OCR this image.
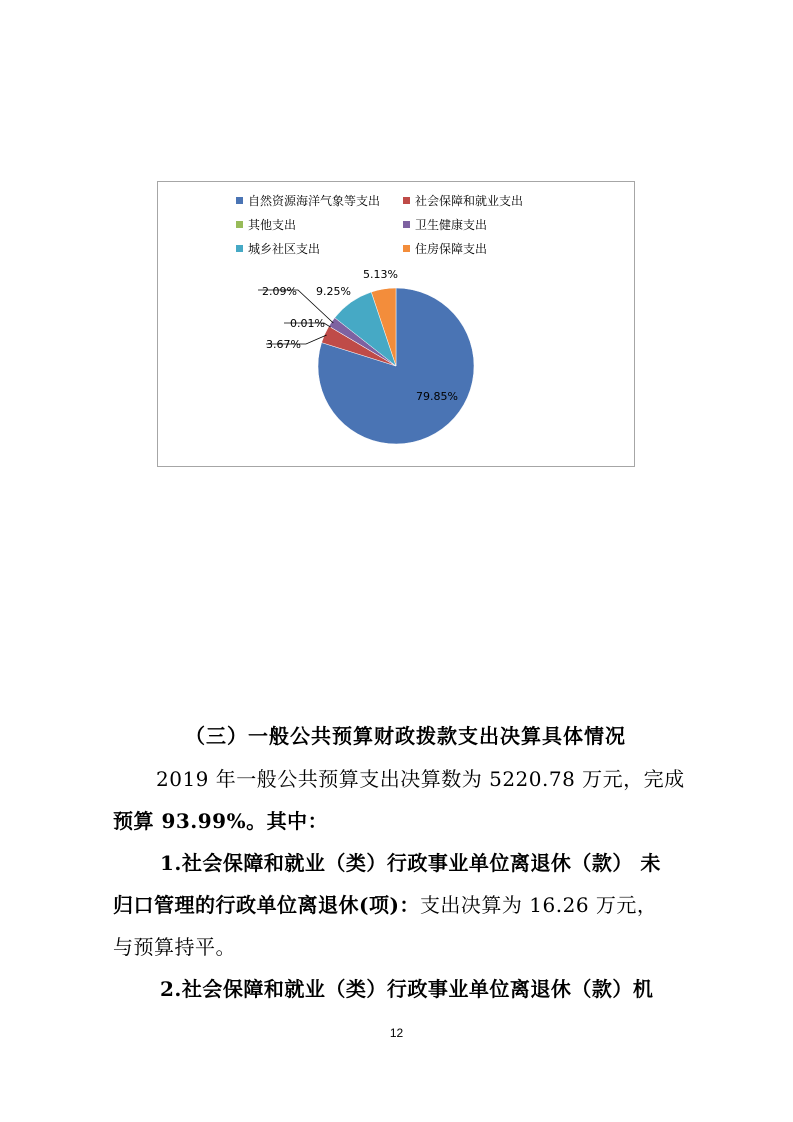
自然资源海洋气象等支出	社会保障和就业支出
其他支出	卫生健康支出
城乡社区支出	住房保障支出
79.85%
3.67%
0.01%
2.09% 9.25%
5.13%
（三）一般公共预算财政拨款支出决算具体情况
2019 年一般公共预算支出决算数为 5220.78 万元，完成
预算 93.99%。其中：
1.社会保障和就业（类）行政事业单位离退休（款） 未
归口管理的行政单位离退休(项)：支出决算为 16.26 万元，
与预算持平。
2.社会保障和就业（类）行政事业单位离退休（款）机
12
